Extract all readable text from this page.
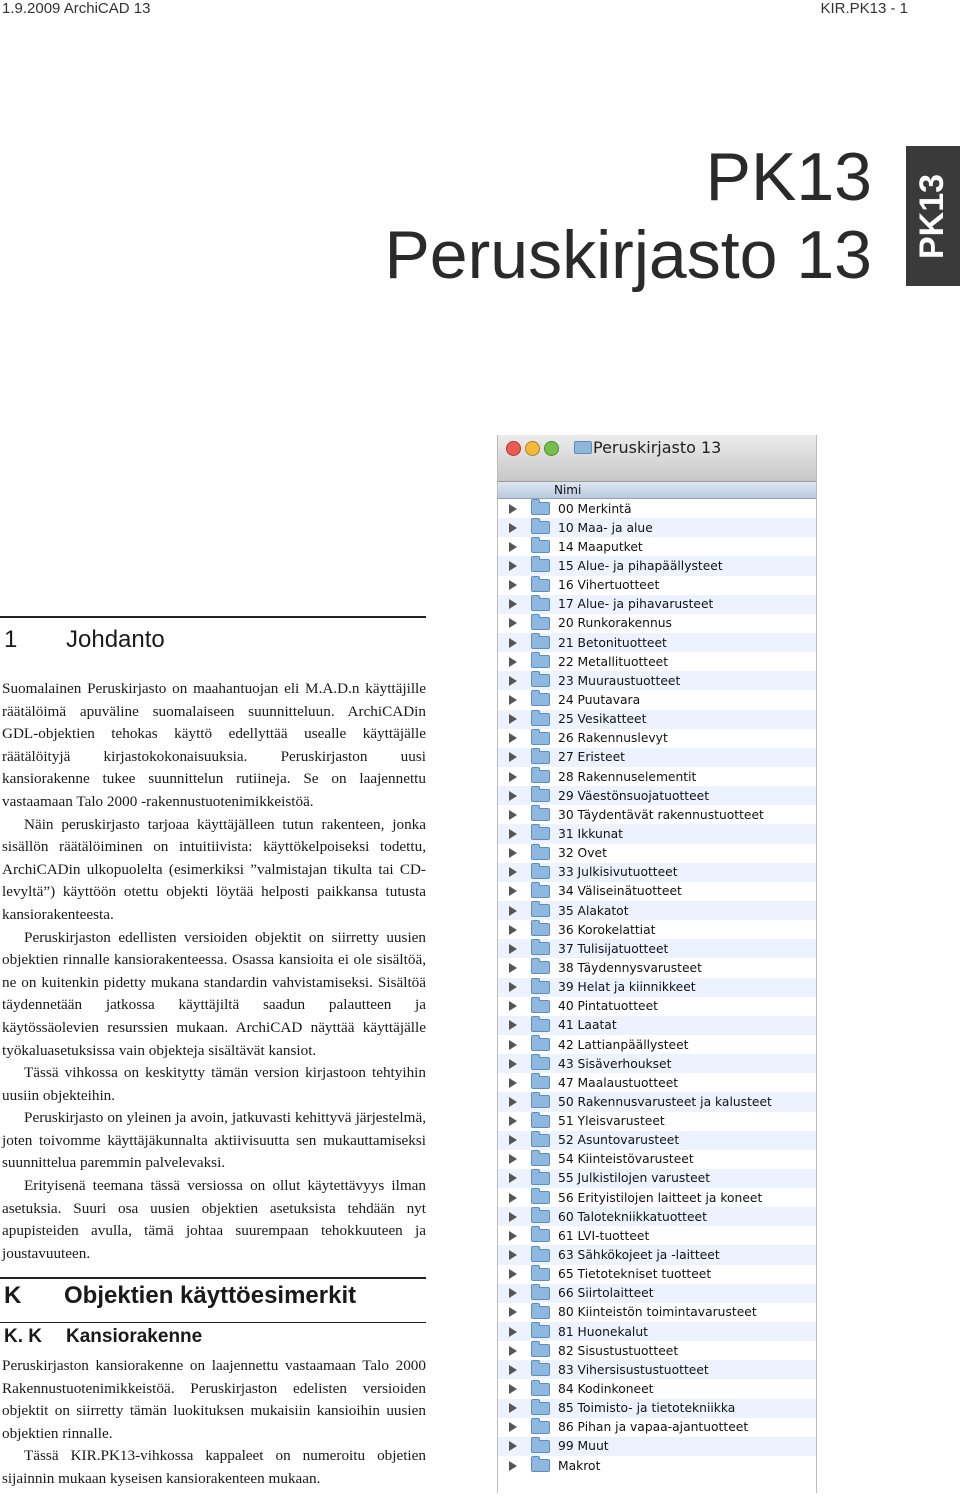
1.9.2009 ArchiCAD 13	KIR.PK13 - 1
PK13
Peruskirjasto 13 PK13
1 Johdanto

Suomalainen Peruskirjasto on maahantuojan eli M.A.D.n käyttäjille räätälöimä apuväline suomalaiseen suunnitteluun. ArchiCADin GDL-objektien tehokas käyttö edellyttää usealle käyttäjälle räätälöityjä kirjastokokonaisuuksia. Peruskirjaston uusi kansiorakenne tukee suunnittelun rutiineja. Se on laajennettu vastaamaan Talo 2000 -rakennustuotenimikkeistöä.

Näin peruskirjasto tarjoaa käyttäjälleen tutun rakenteen, jonka sisällön räätälöiminen on intuitiivista: käyttökelpoiseksi todettu, ArchiCADin ulkopuolelta (esimerkiksi ”valmistajan tikulta tai CD-levyltä”) käyttöön otettu objekti löytää helposti paikkansa tutusta kansiorakenteesta.

Peruskirjaston edellisten versioiden objektit on siirretty uusien objektien rinnalle kansiorakenteessa. Osassa kansioita ei ole sisältöä, ne on kuitenkin pidetty mukana standardin vahvistamiseksi. Sisältöä täydennetään jatkossa käyttäjiltä saadun palautteen ja käytössäolevien resurssien mukaan. ArchiCAD näyttää käyttäjälle työkaluasetuksissa vain objekteja sisältävät kansiot.

Tässä vihkossa on keskitytty tämän version kirjastoon tehtyihin uusiin objekteihin.

Peruskirjasto on yleinen ja avoin, jatkuvasti kehittyvä järjestelmä, joten toivomme käyttäjäkunnalta aktiivisuutta sen mukauttamiseksi suunnittelua paremmin palvelevaksi.

Erityisenä teemana tässä versiossa on ollut käytettävyys ilman asetuksia. Suuri osa uusien objektien asetuksista tehdään nyt apupisteiden avulla, tämä johtaa suurempaan tehokkuuteen ja joustavuuteen.

K Objektien käyttöesimerkit
K. K Kansiorakenne

Peruskirjaston kansiorakenne on laajennettu vastaamaan Talo 2000 Rakennustuotenimikkeistöä. Peruskirjaston edelisten versioiden objektit on siirretty tämän luokituksen mukaisiin kansioihin uusien objektien rinnalle.

Tässä KIR.PK13-vihkossa kappaleet on numeroitu objetien sijainnin mukaan kyseisen kansiorakenteen mukaan.

Peruskirjasto 13
Nimi
00 Merkintä
10 Maa- ja alue
14 Maaputket
15 Alue- ja pihapäällysteet
16 Vihertuotteet
17 Alue- ja pihavarusteet
20 Runkorakennus
21 Betonituotteet
22 Metallituotteet
23 Muuraustuotteet
24 Puutavara
25 Vesikatteet
26 Rakennuslevyt
27 Eristeet
28 Rakennuselementit
29 Väestönsuojatuotteet
30 Täydentävät rakennustuotteet
31 Ikkunat
32 Ovet
33 Julkisivutuotteet
34 Väliseinätuotteet
35 Alakatot
36 Korokelattiat
37 Tulisijatuotteet
38 Täydennysvarusteet
39 Helat ja kiinnikkeet
40 Pintatuotteet
41 Laatat
42 Lattianpäällysteet
43 Sisäverhoukset
47 Maalaustuotteet
50 Rakennusvarusteet ja kalusteet
51 Yleisvarusteet
52 Asuntovarusteet
54 Kiinteistövarusteet
55 Julkistilojen varusteet
56 Erityistilojen laitteet ja koneet
60 Talotekniikkatuotteet
61 LVI-tuotteet
63 Sähkökojeet ja -laitteet
65 Tietotekniset tuotteet
66 Siirtolaitteet
80 Kiinteistön toimintavarusteet
81 Huonekalut
82 Sisustustuotteet
83 Vihersisustustuotteet
84 Kodinkoneet
85 Toimisto- ja tietotekniikka
86 Pihan ja vapaa-ajantuotteet
99 Muut
Makrot
